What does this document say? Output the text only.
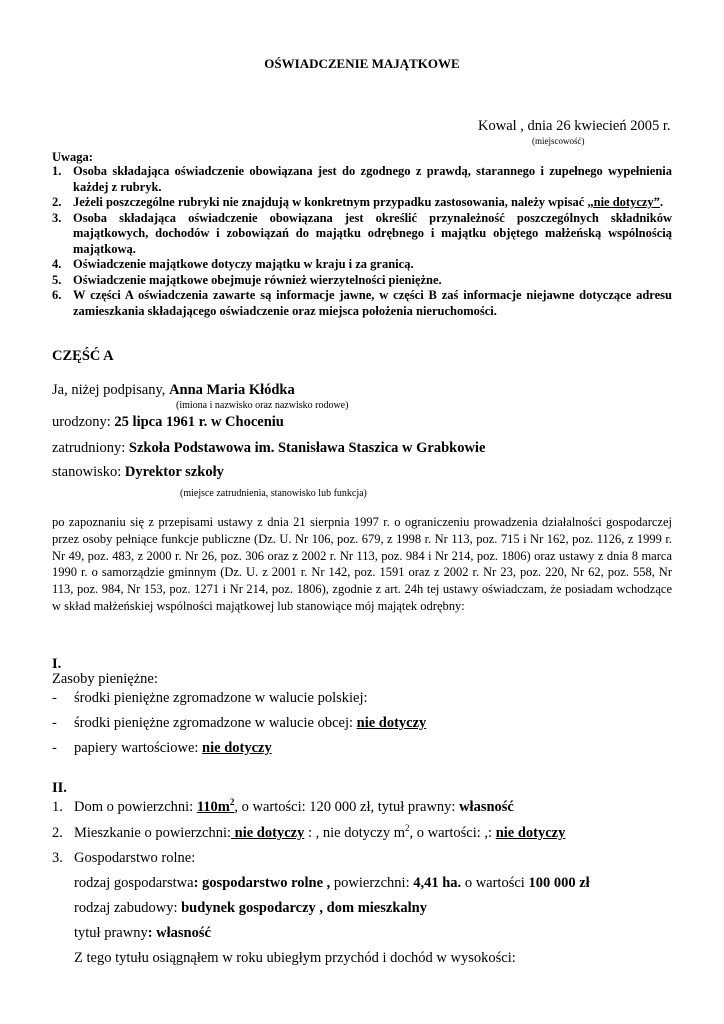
OŚWIADCZENIE MAJĄTKOWE
Kowal , dnia 26 kwiecień 2005 r.
(miejscowość)
Uwaga:
1. Osoba składająca oświadczenie obowiązana jest do zgodnego z prawdą, starannego i zupełnego wypełnienia każdej z rubryk.
2. Jeżeli poszczególne rubryki nie znajdują w konkretnym przypadku zastosowania, należy wpisać „nie dotyczy”.
3. Osoba składająca oświadczenie obowiązana jest określić przynależność poszczególnych składników majątkowych, dochodów i zobowiązań do majątku odrębnego i majątku objętego małżeńską wspólnością majątkową.
4. Oświadczenie majątkowe dotyczy majątku w kraju i za granicą.
5. Oświadczenie majątkowe obejmuje również wierzytelności pieniężne.
6. W części A oświadczenia zawarte są informacje jawne, w części B zaś informacje niejawne dotyczące adresu zamieszkania składającego oświadczenie oraz miejsca położenia nieruchomości.
CZĘŚĆ A
Ja, niżej podpisany, Anna Maria Kłódka
(imiona i nazwisko oraz nazwisko rodowe)
urodzony: 25 lipca 1961 r. w Choceniu
zatrudniony: Szkoła Podstawowa im. Stanisława Staszica w Grabkowie
stanowisko: Dyrektor szkoły
(miejsce zatrudnienia, stanowisko lub funkcja)
po zapoznaniu się z przepisami ustawy z dnia 21 sierpnia 1997 r. o ograniczeniu prowadzenia działalności gospodarczej przez osoby pełniące funkcje publiczne (Dz. U. Nr 106, poz. 679, z 1998 r. Nr 113, poz. 715 i Nr 162, poz. 1126, z 1999 r. Nr 49, poz. 483, z 2000 r. Nr 26, poz. 306 oraz z 2002 r. Nr 113, poz. 984 i Nr 214, poz. 1806) oraz ustawy z dnia 8 marca 1990 r. o samorządzie gminnym (Dz. U. z 2001 r. Nr 142, poz. 1591 oraz z 2002 r. Nr 23, poz. 220, Nr 62, poz. 558, Nr 113, poz. 984, Nr 153, poz. 1271 i Nr 214, poz. 1806), zgodnie z art. 24h tej ustawy oświadczam, że posiadam wchodzące w skład małżeńskiej wspólności majątkowej lub stanowiące mój majątek odrębny:
I.
Zasoby pieniężne:
- środki pieniężne zgromadzone w walucie polskiej:
- środki pieniężne zgromadzone w walucie obcej: nie dotyczy
- papiery wartościowe: nie dotyczy
II.
1. Dom o powierzchni: $110m^2$, o wartości: 120 000 zł, tytuł prawny: własność
2. Mieszkanie o powierzchni: nie dotyczy : , nie dotyczy $m^2$, o wartości: ,: nie dotyczy
3. Gospodarstwo rolne:
rodzaj gospodarstwa: gospodarstwo rolne , powierzchni: 4,41 ha. o wartości 100 000 zł
rodzaj zabudowy: budynek gospodarczy , dom mieszkalny
tytuł prawny: własność
Z tego tytułu osiągnąłem w roku ubiegłym przychód i dochód w wysokości:
